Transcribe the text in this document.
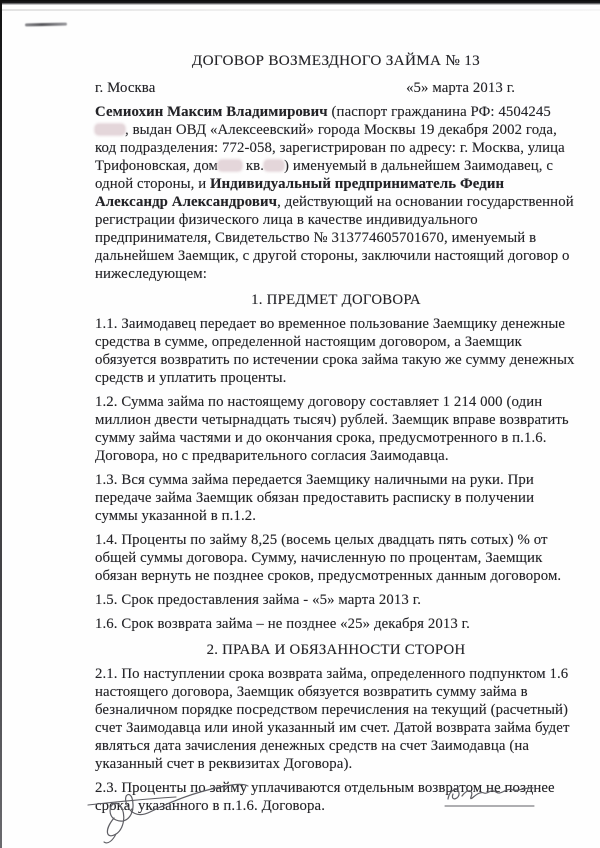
ДОГОВОР ВОЗМЕЗДНОГО ЗАЙМА № 13
г. Москва	«5» марта 2013 г.

Семиохин Максим Владимирович (паспорт гражданина РФ: 4504245, выдан ОВД «Алексеевский» города Москвы 19 декабря 2002 года, код подразделения: 772-058, зарегистрирован по адресу: г. Москва, улица Трифоновская, дом кв. ) именуемый в дальнейшем Заимодавец, с одной стороны, и Индивидуальный предприниматель Федин Александр Александрович, действующий на основании государственной регистрации физического лица в качестве индивидуального предпринимателя, Свидетельство № 313774605701670, именуемый в дальнейшем Заемщик, с другой стороны, заключили настоящий договор о нижеследующем:

1. ПРЕДМЕТ ДОГОВОРА

1.1. Заимодавец передает во временное пользование Заемщику денежные средства в сумме, определенной настоящим договором, а Заемщик обязуется возвратить по истечении срока займа такую же сумму денежных средств и уплатить проценты.

1.2. Сумма займа по настоящему договору составляет 1 214 000 (один миллион двести четырнадцать тысяч) рублей. Заемщик вправе возвратить сумму займа частями и до окончания срока, предусмотренного в п.1.6. Договора, но с предварительного согласия Заимодавца.

1.3. Вся сумма займа передается Заемщику наличными на руки. При передаче займа Заемщик обязан предоставить расписку в получении суммы указанной в п.1.2.

1.4. Проценты по займу 8,25 (восемь целых двадцать пять сотых) % от общей суммы договора. Сумму, начисленную по процентам, Заемщик обязан вернуть не позднее сроков, предусмотренных данным договором.

1.5. Срок предоставления займа - «5» марта 2013 г.

1.6. Срок возврата займа – не позднее «25» декабря 2013 г.

2. ПРАВА И ОБЯЗАННОСТИ СТОРОН

2.1. По наступлении срока возврата займа, определенного подпунктом 1.6 настоящего договора, Заемщик обязуется возвратить сумму займа в безналичном порядке посредством перечисления на текущий (расчетный) счет Заимодавца или иной указанный им счет. Датой возврата займа будет являться дата зачисления денежных средств на счет Заимодавца (на указанный счет в реквизитах Договора).

2.3. Проценты по займу уплачиваются отдельным возвратом не позднее срока, указанного в п.1.6. Договора.
